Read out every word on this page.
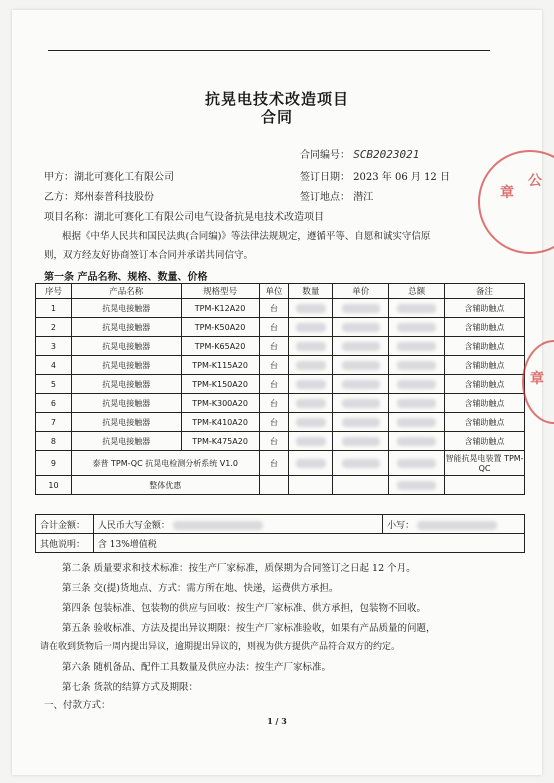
抗晃电技术改造项目
合同
合同编号： SCB2023021
甲方：湖北可赛化工有限公司	签订日期： 2023 年 06 月 12 日
乙方：郑州泰普科技股份	签订地点： 潜江
项目名称：湖北可赛化工有限公司电气设备抗晃电技术改造项目
根据《中华人民共和国民法典(合同编)》等法律法规规定，遵循平等、自愿和诚实守信原
则，双方经友好协商签订本合同并承诺共同信守。
第一条 产品名称、规格、数量、价格
序号	产品名称	规格型号	单位	数量	单价	总额	备注
1	抗晃电接触器	TPM-K12A20	台				含辅助触点
2	抗晃电接触器	TPM-K50A20	台				含辅助触点
3	抗晃电接触器	TPM-K65A20	台				含辅助触点
4	抗晃电接触器	TPM-K115A20	台				含辅助触点
5	抗晃电接触器	TPM-K150A20	台				含辅助触点
6	抗晃电接触器	TPM-K300A20	台				含辅助触点
7	抗晃电接触器	TPM-K410A20	台				含辅助触点
8	抗晃电接触器	TPM-K475A20	台				含辅助触点
9	泰普 TPM-QC 抗晃电检测分析系统 V1.0		台				智能抗晃电装置 TPM-QC
10	整体优惠						
合计金额：	人民币大写金额：	小写：
其他说明：	含 13%增值税	
第二条 质量要求和技术标准：按生产厂家标准，质保期为合同签订之日起 12 个月。
第三条 交(提)货地点、方式：需方所在地、快递，运费供方承担。
第四条 包装标准、包装物的供应与回收：按生产厂家标准、供方承担，包装物不回收。
第五条 验收标准、方法及提出异议期限：按生产厂家标准验收，如果有产品质量的问题，
请在收到货物后一周内提出异议，逾期提出异议的，则视为供方提供产品符合双方的约定。
第六条 随机备品、配件工具数量及供应办法：按生产厂家标准。
第七条 货款的结算方式及期限：
一、付款方式：
1 / 3
章
公
章
